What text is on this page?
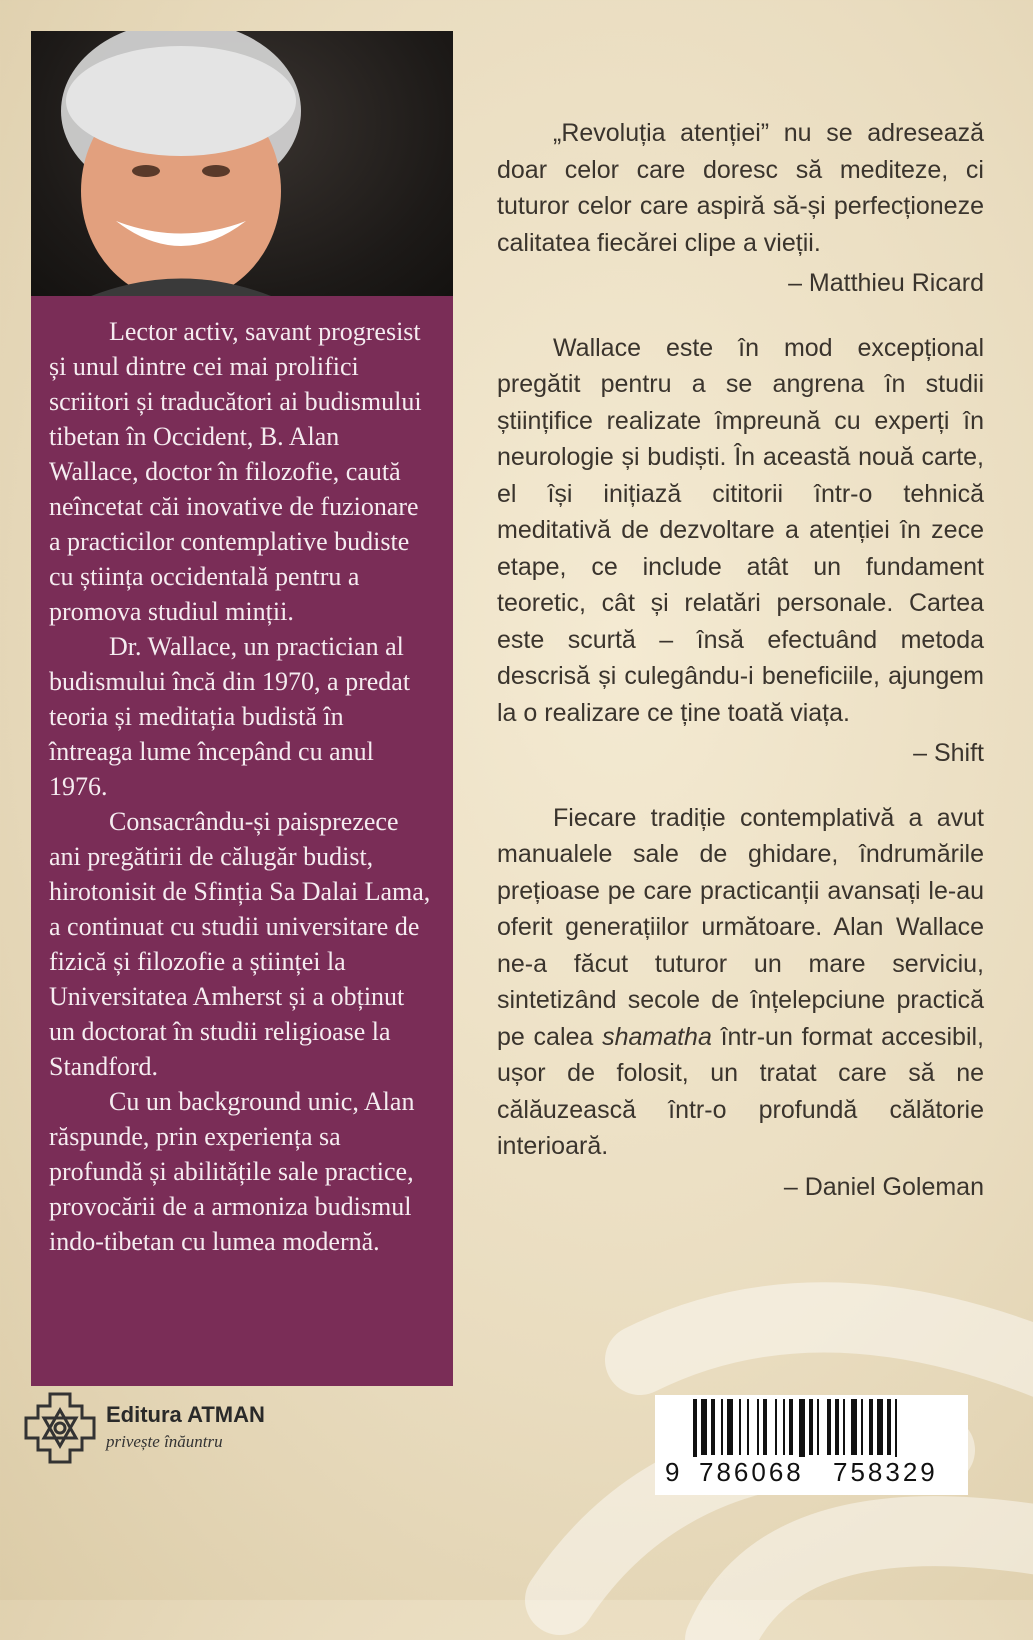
Lector activ, savant progresist și unul dintre cei mai prolifici scriitori și traducători ai budismului tibetan în Occident, B. Alan Wallace, doctor în filozofie, caută neîncetat căi inovative de fuzionare a practicilor contemplative budiste cu știința occidentală pentru a promova studiul minții.

Dr. Wallace, un practician al budismului încă din 1970, a predat teoria și meditația budistă în întreaga lume începând cu anul 1976.

Consacrându-și paisprezece ani pregătirii de călugăr budist, hirotonisit de Sfinția Sa Dalai Lama, a continuat cu studii universitare de fizică și filozofie a științei la Universitatea Amherst și a obținut un doctorat în studii religioase la Standford.

Cu un background unic, Alan răspunde, prin experiența sa profundă și abilitățile sale practice, provocării de a armoniza budismul indo-tibetan cu lumea modernă.

„Revoluția atenției” nu se adresează doar celor care doresc să mediteze, ci tuturor celor care aspiră să-și perfecționeze calitatea fiecărei clipe a vieții.

– Matthieu Ricard

Wallace este în mod excepțional pregătit pentru a se angrena în studii științifice realizate împreună cu experți în neurologie și budiști. În această nouă carte, el își inițiază cititorii într-o tehnică meditativă de dezvoltare a atenției în zece etape, ce include atât un fundament teoretic, cât și relatări personale. Cartea este scurtă – însă efectuând metoda descrisă și culegându-i beneficiile, ajungem la o realizare ce ține toată viața.

– Shift

Fiecare tradiție contemplativă a avut manualele sale de ghidare, îndrumările prețioase pe care practicanții avansați le-au oferit generațiilor următoare. Alan Wallace ne-a făcut tuturor un mare serviciu, sintetizând secole de înțelepciune practică pe calea shamatha într-un format accesibil, ușor de folosit, un tratat care să ne călăuzească într-o profundă călătorie interioară.

– Daniel Goleman
Editura ATMAN
privește înăuntru
9 786068 758329
